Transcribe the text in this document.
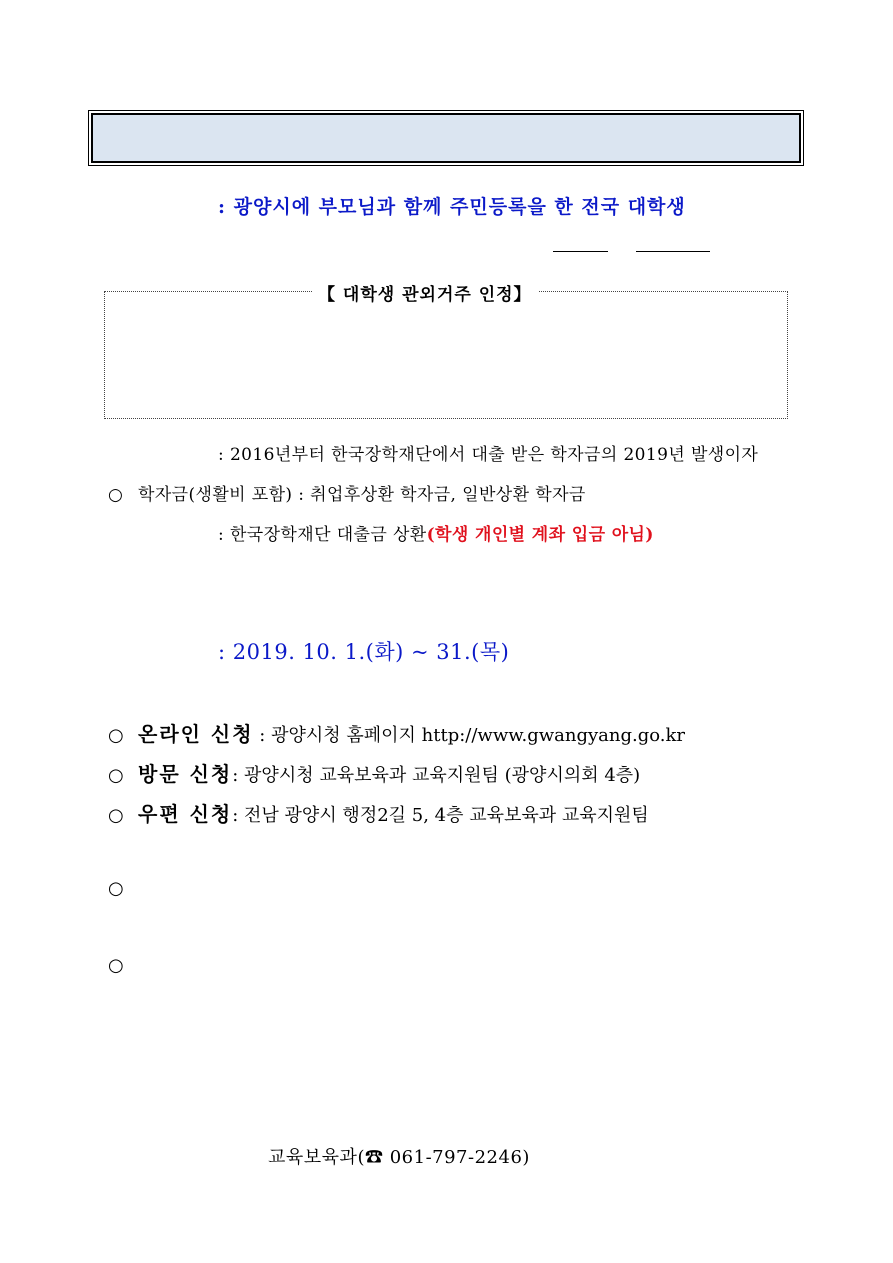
: 광양시에 부모님과 함께 주민등록을 한 전국 대학생
【 대학생 관외거주 인정】
: 2016년부터 한국장학재단에서 대출 받은 학자금의 2019년 발생이자
○ 학자금(생활비 포함) : 취업후상환 학자금, 일반상환 학자금
: 한국장학재단 대출금 상환(학생 개인별 계좌 입금 아님)
: 2019. 10. 1.(화) ~ 31.(목)
○ 온라인 신청 : 광양시청 홈페이지 http://www.gwangyang.go.kr
○ 방문 신청: 광양시청 교육보육과 교육지원팀 (광양시의회 4층)
○ 우편 신청: 전남 광양시 행정2길 5, 4층 교육보육과 교육지원팀
○
○
교육보육과(☎ 061-797-2246)
